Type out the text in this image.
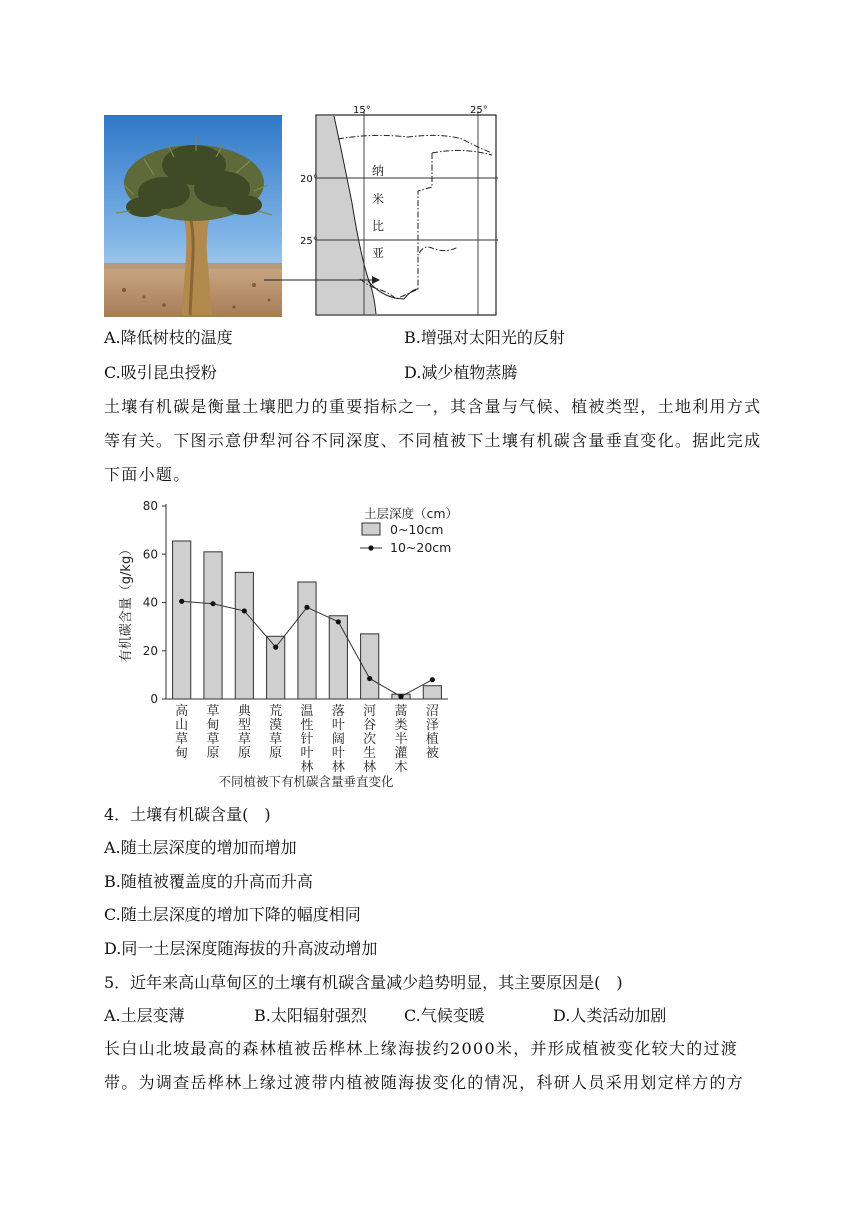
15°	25°
20°
25°
纳
米
比
亚
A.降低树枝的温度	B.增强对太阳光的反射
C.吸引昆虫授粉	D.减少植物蒸腾
土壤有机碳是衡量土壤肥力的重要指标之一，其含量与气候、植被类型，土地利用方式等有关。下图示意伊犁河谷不同深度、不同植被下土壤有机碳含量垂直变化。据此完成下面小题。
80
60
40
20
0
有机碳含量（g/kg）
高
山
草
甸
草
甸
草
原
典
型
草
原
荒
漠
草
原
温
性
针
叶
林
落
叶
阔
叶
林
河
谷
次
生
林
蒿
类
半
灌
木
沼
泽
植
被
土层深度（cm）
0~10cm
10~20cm
不同植被下有机碳含量垂直变化
4．土壤有机碳含量(　)
A.随土层深度的增加而增加
B.随植被覆盖度的升高而升高
C.随土层深度的增加下降的幅度相同
D.同一土层深度随海拔的升高波动增加
5．近年来高山草甸区的土壤有机碳含量减少趋势明显，其主要原因是(　)
A.土层变薄	B.太阳辐射强烈 C.气候变暖	D.人类活动加剧
长白山北坡最高的森林植被岳桦林上缘海拔约2000米，并形成植被变化较大的过渡带。为调查岳桦林上缘过渡带内植被随海拔变化的情况，科研人员采用划定样方的方
